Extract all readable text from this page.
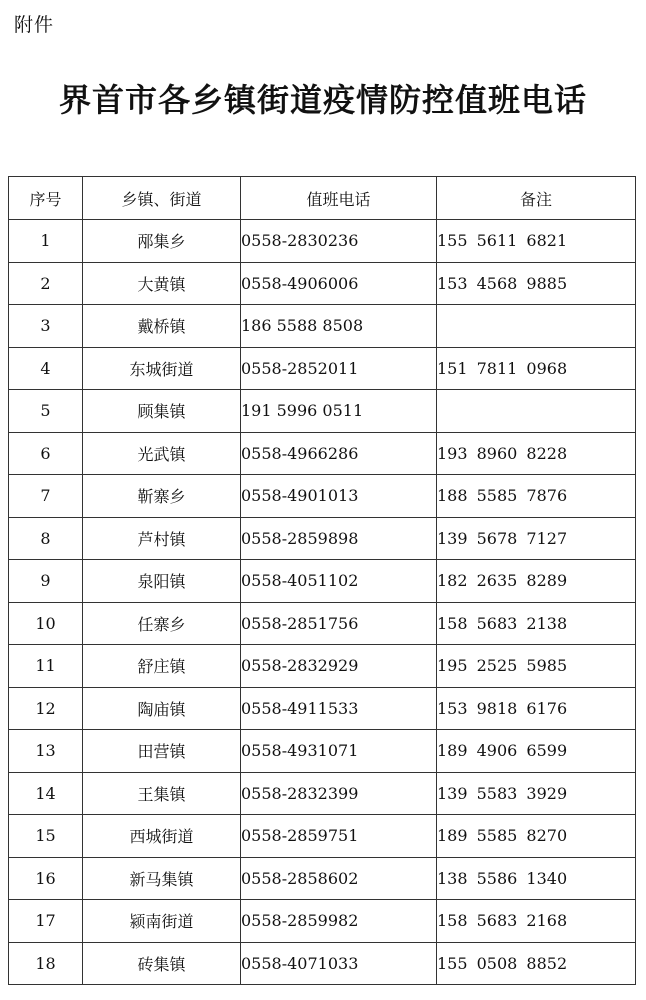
附件
界首市各乡镇街道疫情防控值班电话
序号	乡镇、街道	值班电话	备注
1	邴集乡	0558-2830236	155 5611 6821
2	大黄镇	0558-4906006	153 4568 9885
3	戴桥镇	186 5588 8508	
4	东城街道	0558-2852011	151 7811 0968
5	顾集镇	191 5996 0511	
6	光武镇	0558-4966286	193 8960 8228
7	靳寨乡	0558-4901013	188 5585 7876
8	芦村镇	0558-2859898	139 5678 7127
9	泉阳镇	0558-4051102	182 2635 8289
10	任寨乡	0558-2851756	158 5683 2138
11	舒庄镇	0558-2832929	195 2525 5985
12	陶庙镇	0558-4911533	153 9818 6176
13	田营镇	0558-4931071	189 4906 6599
14	王集镇	0558-2832399	139 5583 3929
15	西城街道	0558-2859751	189 5585 8270
16	新马集镇	0558-2858602	138 5586 1340
17	颍南街道	0558-2859982	158 5683 2168
18	砖集镇	0558-4071033	155 0508 8852
